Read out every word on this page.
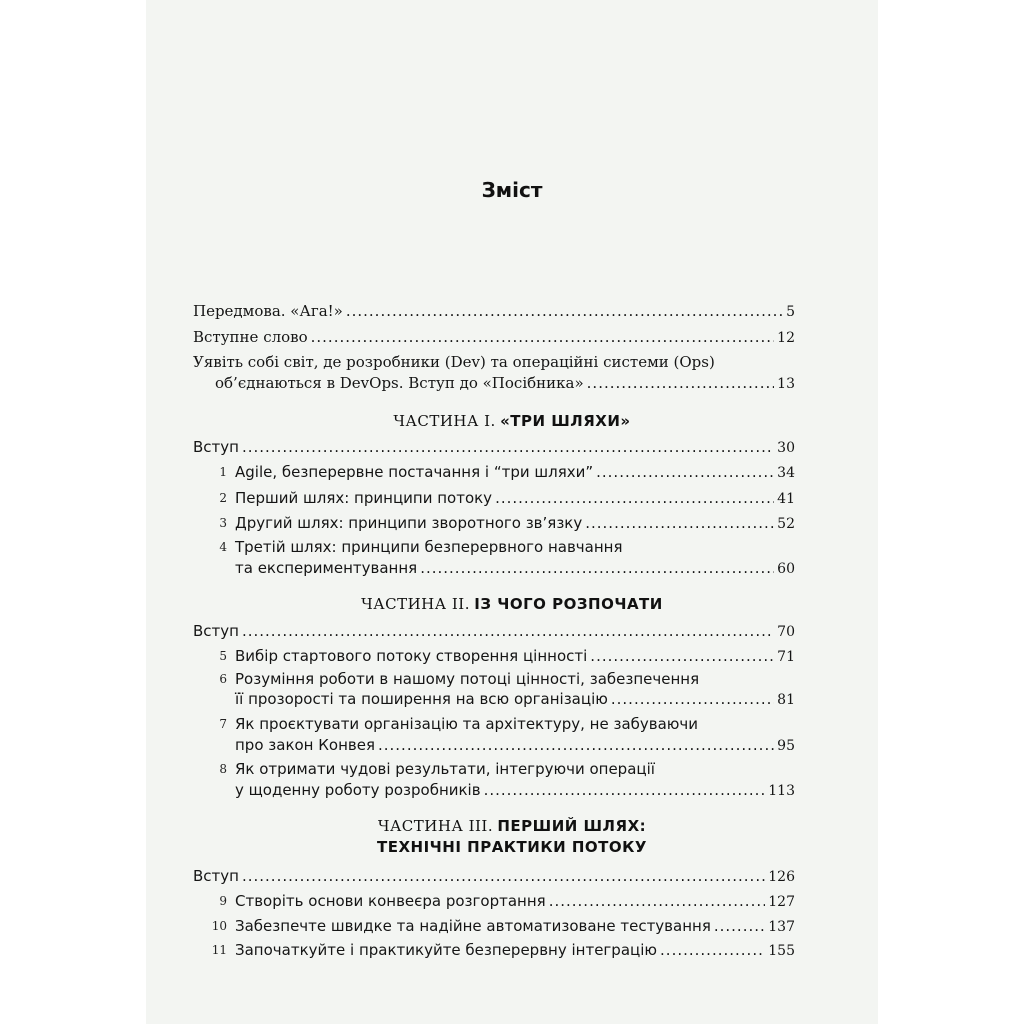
Зміст
Передмова. «Ага!» .....	5
Вступне слово .....	12
Уявіть собі світ, де розробники (Dev) та операційні системи (Ops)
об’єднаються в DevOps. Вступ до «Посібника» .....	13
ЧАСТИНА І. «ТРИ ШЛЯХИ»
Вступ .....	30
1 Agile, безперервне постачання і “три шляхи” .....	34
2 Перший шлях: принципи потоку .....	41
3 Другий шлях: принципи зворотного зв’язку .....	52
4 Третій шлях: принципи безперервного навчання
та експериментування .....	60
ЧАСТИНА ІІ. ІЗ ЧОГО РОЗПОЧАТИ
Вступ .....	70
5 Вибір стартового потоку створення цінності .....	71
6 Розуміння роботи в нашому потоці цінності, забезпечення
її прозорості та поширення на всю організацію .....	81
7 Як проєктувати організацію та архітектуру, не забуваючи
про закон Конвея .....	95
8 Як отримати чудові результати, інтегруючи операції
у щоденну роботу розробників .....	113
ЧАСТИНА ІІІ. ПЕРШИЙ ШЛЯХ:
ТЕХНІЧНІ ПРАКТИКИ ПОТОКУ
Вступ .....	126
9 Створіть основи конвеєра розгортання .....	127
10 Забезпечте швидке та надійне автоматизоване тестування .....	137
11 Започаткуйте і практикуйте безперервну інтеграцію .....	155
